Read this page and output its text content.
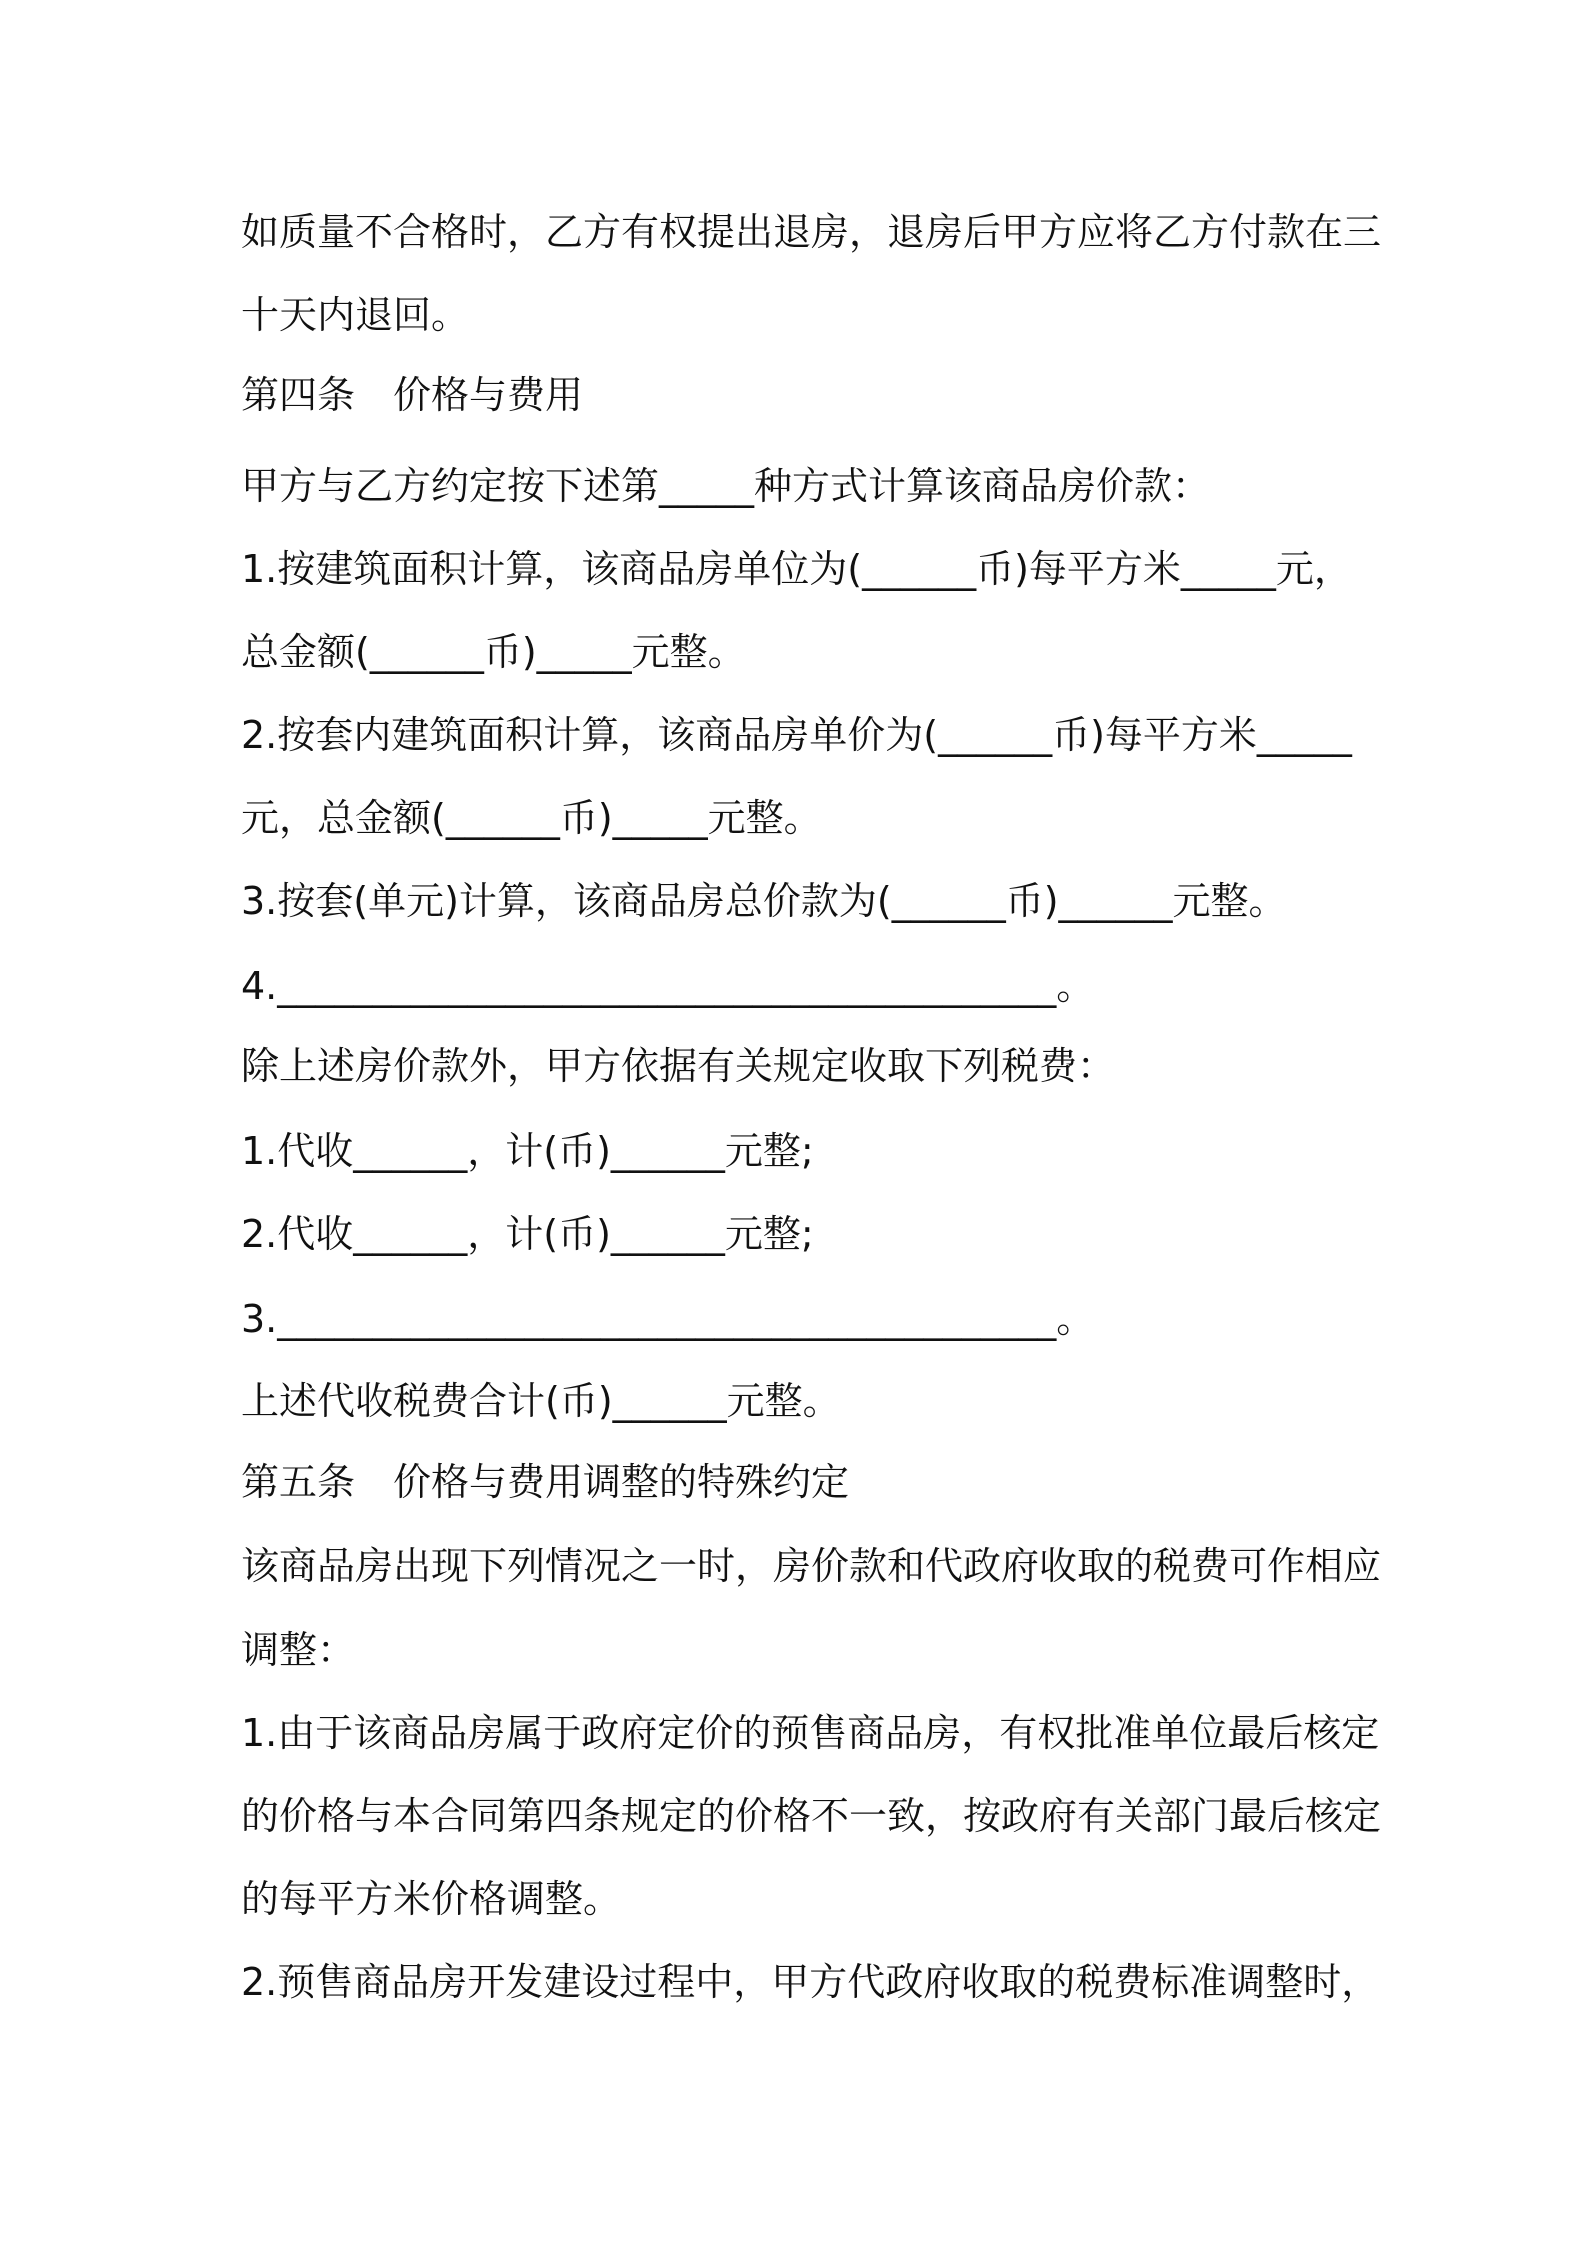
如质量不合格时，乙方有权提出退房，退房后甲方应将乙方付款在三
十天内退回。
第四条 价格与费用
甲方与乙方约定按下述第_____种方式计算该商品房价款：
1.按建筑面积计算，该商品房单位为(______币)每平方米_____元，
总金额(______币)_____元整。
2.按套内建筑面积计算，该商品房单价为(______币)每平方米_____
元，总金额(______币)_____元整。
3.按套(单元)计算，该商品房总价款为(______币)______元整。
4._________________________________________。
除上述房价款外，甲方依据有关规定收取下列税费：
1.代收______，计(币)______元整;
2.代收______，计(币)______元整;
3._________________________________________。
上述代收税费合计(币)______元整。
第五条 价格与费用调整的特殊约定
该商品房出现下列情况之一时，房价款和代政府收取的税费可作相应
调整：
1.由于该商品房属于政府定价的预售商品房，有权批准单位最后核定
的价格与本合同第四条规定的价格不一致，按政府有关部门最后核定
的每平方米价格调整。
2.预售商品房开发建设过程中，甲方代政府收取的税费标准调整时，
